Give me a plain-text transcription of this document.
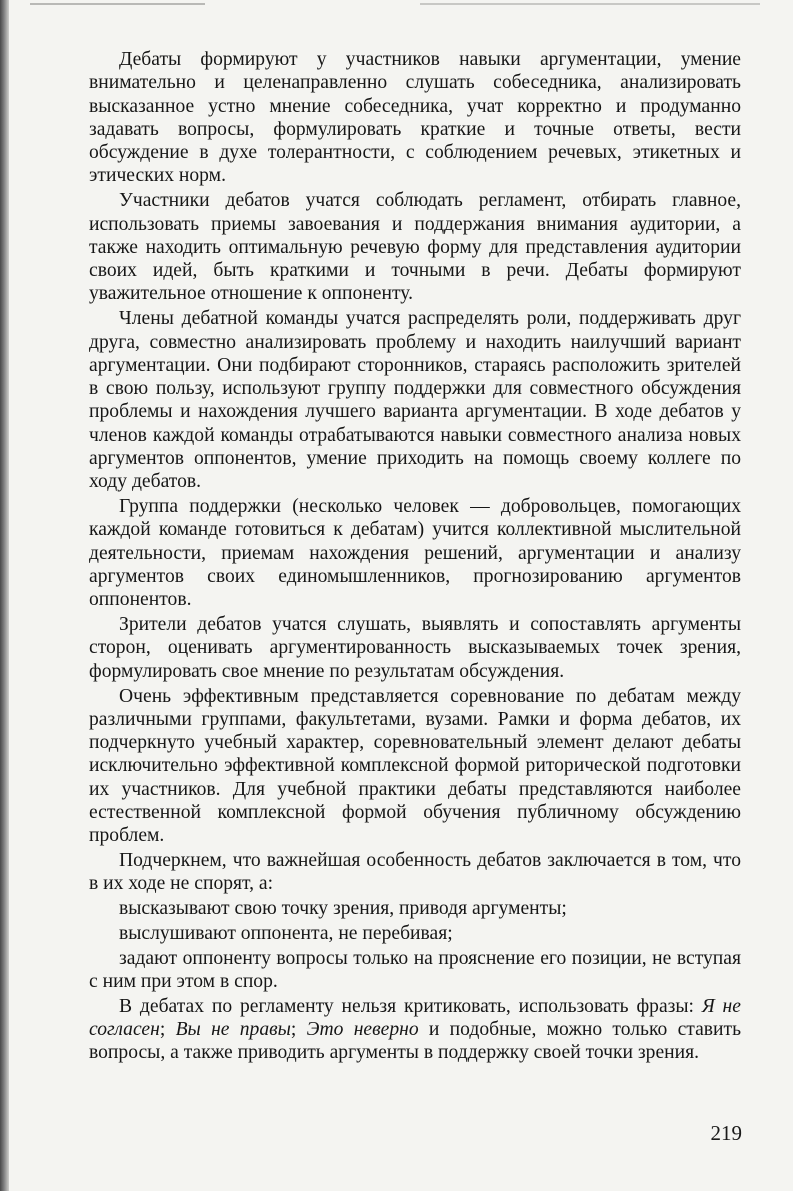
Дебаты формируют у участников навыки аргументации, умение внимательно и целенаправленно слушать собеседника, анализировать высказанное устно мнение собеседника, учат корректно и продуманно задавать вопросы, формулировать краткие и точные ответы, вести обсуждение в духе толерантности, с соблюдением речевых, этикетных и этических норм.

Участники дебатов учатся соблюдать регламент, отбирать главное, использовать приемы завоевания и поддержания внимания аудитории, а также находить оптимальную речевую форму для представления аудитории своих идей, быть краткими и точными в речи. Дебаты формируют уважительное отношение к оппоненту.

Члены дебатной команды учатся распределять роли, поддерживать друг друга, совместно анализировать проблему и находить наилучший вариант аргументации. Они подбирают сторонников, стараясь расположить зрителей в свою пользу, используют группу поддержки для совместного обсуждения проблемы и нахождения лучшего варианта аргументации. В ходе дебатов у членов каждой команды отрабатываются навыки совместного анализа новых аргументов оппонентов, умение приходить на помощь своему коллеге по ходу дебатов.

Группа поддержки (несколько человек — добровольцев, помогающих каждой команде готовиться к дебатам) учится коллективной мыслительной деятельности, приемам нахождения решений, аргументации и анализу аргументов своих единомышленников, прогнозированию аргументов оппонентов.

Зрители дебатов учатся слушать, выявлять и сопоставлять аргументы сторон, оценивать аргументированность высказываемых точек зрения, формулировать свое мнение по результатам обсуждения.

Очень эффективным представляется соревнование по дебатам между различными группами, факультетами, вузами. Рамки и форма дебатов, их подчеркнуто учебный характер, соревновательный элемент делают дебаты исключительно эффективной комплексной формой риторической подготовки их участников. Для учебной практики дебаты представляются наиболее естественной комплексной формой обучения публичному обсуждению проблем.

Подчеркнем, что важнейшая особенность дебатов заключается в том, что в их ходе не спорят, а:

высказывают свою точку зрения, приводя аргументы;

выслушивают оппонента, не перебивая;

задают оппоненту вопросы только на прояснение его позиции, не вступая с ним при этом в спор.

В дебатах по регламенту нельзя критиковать, использовать фразы: Я не согласен; Вы не правы; Это неверно и подобные, можно только ставить вопросы, а также приводить аргументы в поддержку своей точки зрения.

219
